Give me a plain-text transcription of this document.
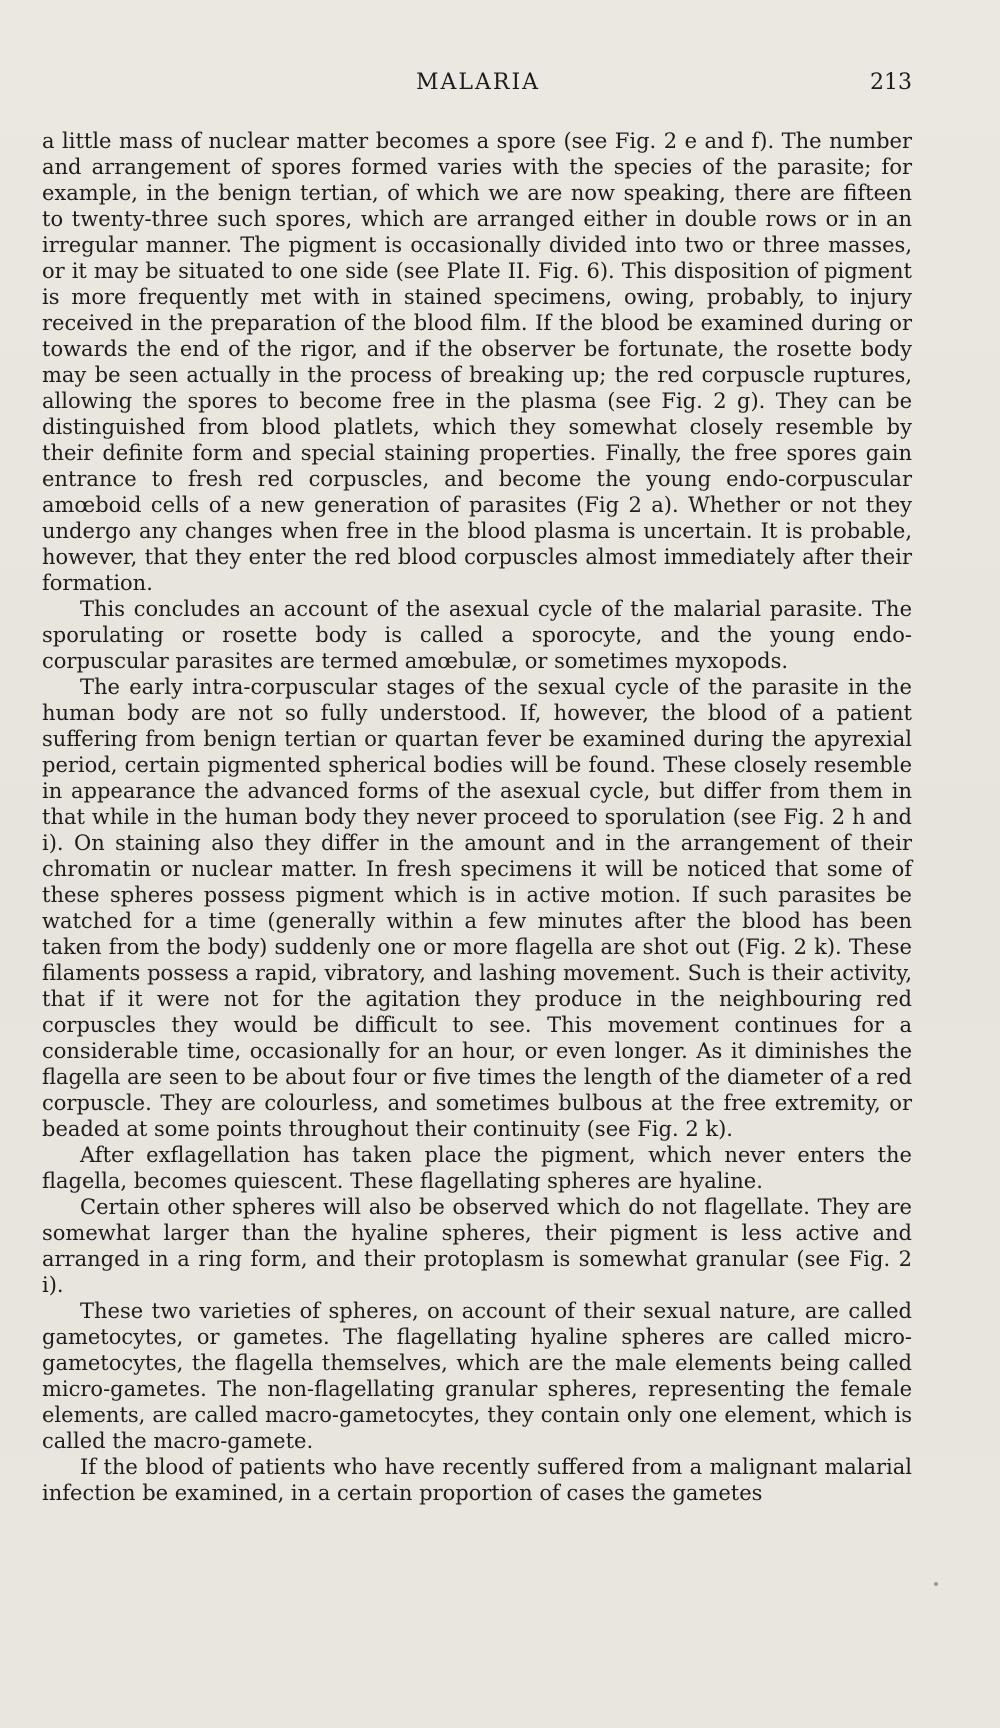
MALARIA	213

a little mass of nuclear matter becomes a spore (see Fig. 2 e and f). The number and arrangement of spores formed varies with the species of the parasite; for example, in the benign tertian, of which we are now speaking, there are fifteen to twenty-three such spores, which are arranged either in double rows or in an irregular manner. The pigment is occasionally divided into two or three masses, or it may be situated to one side (see Plate II. Fig. 6). This disposition of pigment is more frequently met with in stained specimens, owing, probably, to injury received in the preparation of the blood film. If the blood be examined during or towards the end of the rigor, and if the observer be fortunate, the rosette body may be seen actually in the process of breaking up; the red corpuscle ruptures, allowing the spores to become free in the plasma (see Fig. 2 g). They can be distinguished from blood platlets, which they somewhat closely resemble by their definite form and special staining properties. Finally, the free spores gain entrance to fresh red corpuscles, and become the young endo-corpuscular amœboid cells of a new generation of parasites (Fig 2 a). Whether or not they undergo any changes when free in the blood plasma is uncertain. It is probable, however, that they enter the red blood corpuscles almost immediately after their formation.

This concludes an account of the asexual cycle of the malarial parasite. The sporulating or rosette body is called a sporocyte, and the young endo-corpuscular parasites are termed amœbulæ, or sometimes myxopods.

The early intra-corpuscular stages of the sexual cycle of the parasite in the human body are not so fully understood. If, however, the blood of a patient suffering from benign tertian or quartan fever be examined during the apyrexial period, certain pigmented spherical bodies will be found. These closely resemble in appearance the advanced forms of the asexual cycle, but differ from them in that while in the human body they never proceed to sporulation (see Fig. 2 h and i). On staining also they differ in the amount and in the arrangement of their chromatin or nuclear matter. In fresh specimens it will be noticed that some of these spheres possess pigment which is in active motion. If such parasites be watched for a time (generally within a few minutes after the blood has been taken from the body) suddenly one or more flagella are shot out (Fig. 2 k). These filaments possess a rapid, vibratory, and lashing movement. Such is their activity, that if it were not for the agitation they produce in the neighbouring red corpuscles they would be difficult to see. This movement continues for a considerable time, occasionally for an hour, or even longer. As it diminishes the flagella are seen to be about four or five times the length of the diameter of a red corpuscle. They are colourless, and sometimes bulbous at the free extremity, or beaded at some points throughout their continuity (see Fig. 2 k).

After exflagellation has taken place the pigment, which never enters the flagella, becomes quiescent. These flagellating spheres are hyaline.

Certain other spheres will also be observed which do not flagellate. They are somewhat larger than the hyaline spheres, their pigment is less active and arranged in a ring form, and their protoplasm is somewhat granular (see Fig. 2 i).

These two varieties of spheres, on account of their sexual nature, are called gametocytes, or gametes. The flagellating hyaline spheres are called micro-gametocytes, the flagella themselves, which are the male elements being called micro-gametes. The non-flagellating granular spheres, representing the female elements, are called macro-gametocytes, they contain only one element, which is called the macro-gamete.

If the blood of patients who have recently suffered from a malignant malarial infection be examined, in a certain proportion of cases the gametes
